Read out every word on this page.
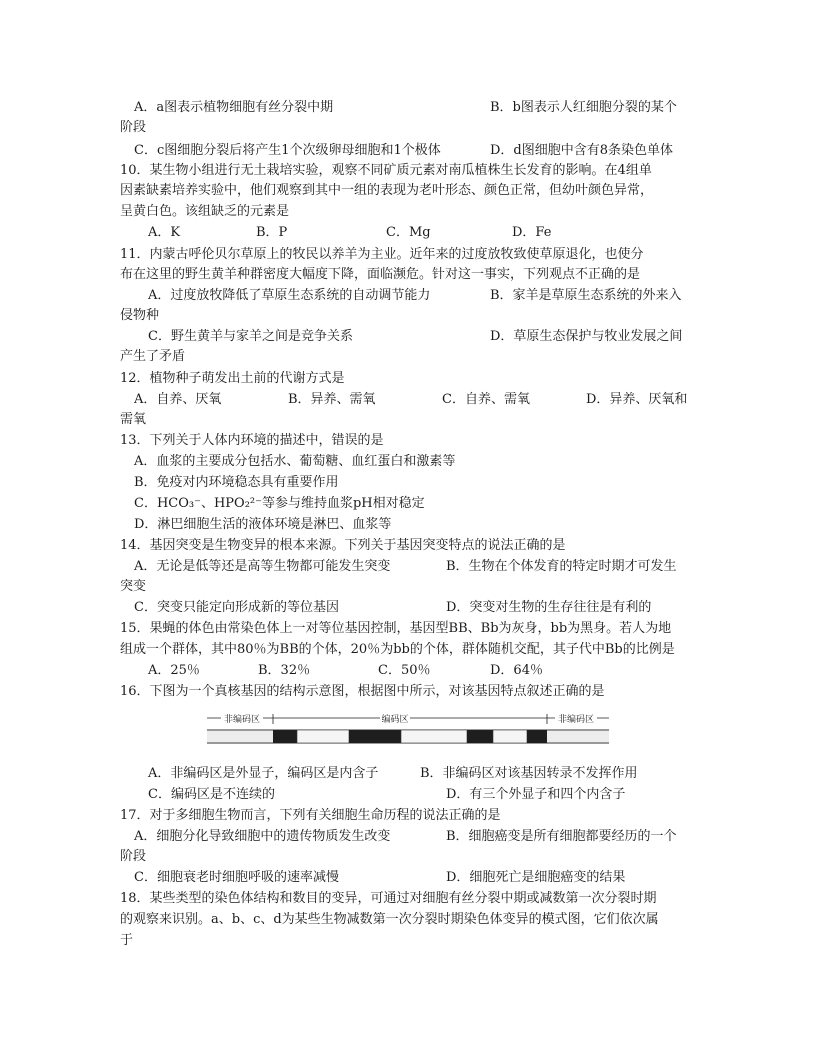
A．a图表示植物细胞有丝分裂中期	B．b图表示人红细胞分裂的某个
阶段
C．c图细胞分裂后将产生1个次级卵母细胞和1个极体	D．d图细胞中含有8条染色单体
10．某生物小组进行无土栽培实验，观察不同矿质元素对南瓜植株生长发育的影响。在4组单
因素缺素培养实验中，他们观察到其中一组的表现为老叶形态、颜色正常，但幼叶颜色异常，
呈黄白色。该组缺乏的元素是
A．K	B．P	C．Mg	D．Fe
11．内蒙古呼伦贝尔草原上的牧民以养羊为主业。近年来的过度放牧致使草原退化，也使分
布在这里的野生黄羊种群密度大幅度下降，面临濒危。针对这一事实，下列观点不正确的是
A．过度放牧降低了草原生态系统的自动调节能力	B．家羊是草原生态系统的外来入
侵物种
C．野生黄羊与家羊之间是竞争关系	D．草原生态保护与牧业发展之间
产生了矛盾
12．植物种子萌发出土前的代谢方式是
A．自养、厌氧	B．异养、需氧	C．自养、需氧	D．异养、厌氧和
需氧
13．下列关于人体内环境的描述中，错误的是
A．血浆的主要成分包括水、葡萄糖、血红蛋白和激素等
B．免疫对内环境稳态具有重要作用
C．HCO₃⁻、HPO₂²⁻等参与维持血浆pH相对稳定
D．淋巴细胞生活的液体环境是淋巴、血浆等
14．基因突变是生物变异的根本来源。下列关于基因突变特点的说法正确的是
A．无论是低等还是高等生物都可能发生突变	B．生物在个体发育的特定时期才可发生
突变
C．突变只能定向形成新的等位基因	D．突变对生物的生存往往是有利的
15．果蝇的体色由常染色体上一对等位基因控制，基因型BB、Bb为灰身，bb为黑身。若人为地
组成一个群体，其中80％为BB的个体，20％为bb的个体，群体随机交配，其子代中Bb的比例是
A．25％	B．32％	C．50％	D．64％
16．下图为一个真核基因的结构示意图，根据图中所示，对该基因特点叙述正确的是
非编码区	编码区	非编码区
A．非编码区是外显子，编码区是内含子	B．非编码区对该基因转录不发挥作用
C．编码区是不连续的	D．有三个外显子和四个内含子
17．对于多细胞生物而言，下列有关细胞生命历程的说法正确的是
A．细胞分化导致细胞中的遗传物质发生改变	B．细胞癌变是所有细胞都要经历的一个
阶段
C．细胞衰老时细胞呼吸的速率减慢	D．细胞死亡是细胞癌变的结果
18．某些类型的染色体结构和数目的变异，可通过对细胞有丝分裂中期或减数第一次分裂时期
的观察来识别。a、b、c、d为某些生物减数第一次分裂时期染色体变异的模式图，它们依次属
于
